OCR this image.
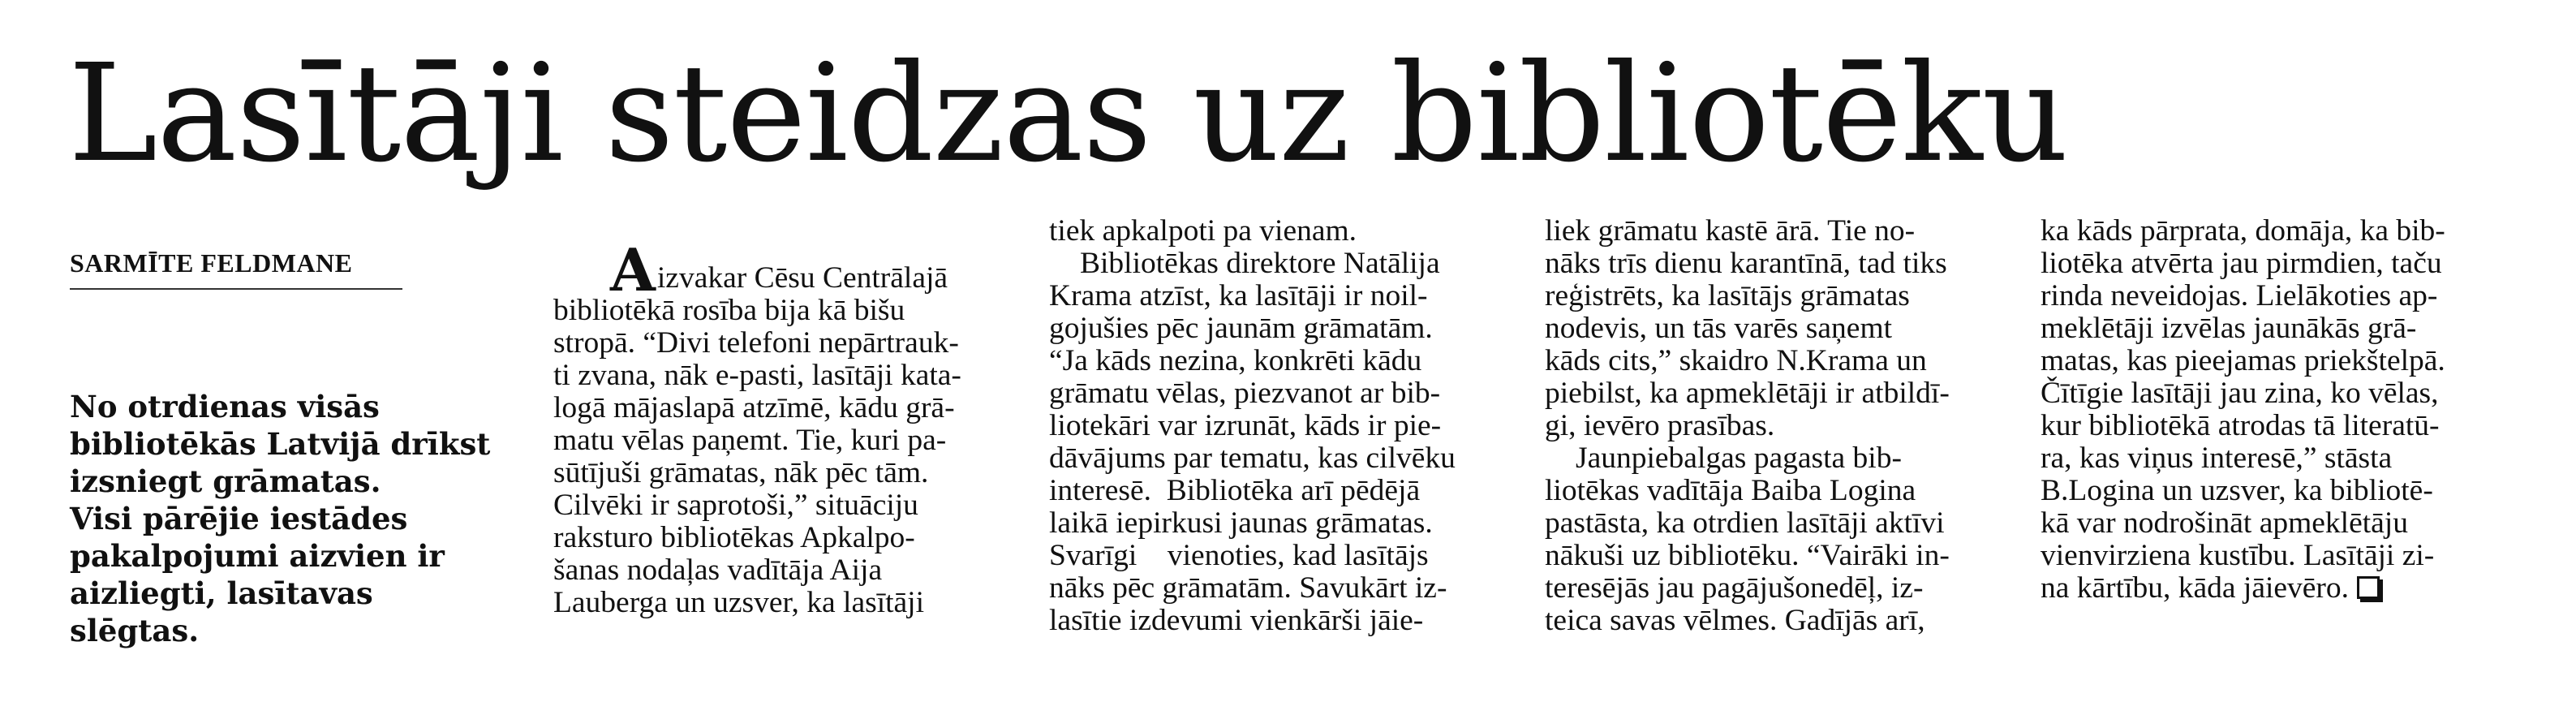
Lasītāji steidzas uz bibliotēku
SARMĪTE FELDMANE
No otrdienas visās
bibliotēkās Latvijā drīkst
izsniegt grāmatas.
Visi pārējie iestādes
pakalpojumi aizvien ir
aizliegti, lasītavas
slēgtas.
Aizvakar Cēsu Centrālajā
bibliotēkā rosība bija kā bišu
stropā. “Divi telefoni nepārtrauk-
ti zvana, nāk e-pasti, lasītāji kata-
logā mājaslapā atzīmē, kādu grā-
matu vēlas paņemt. Tie, kuri pa-
sūtījuši grāmatas, nāk pēc tām.
Cilvēki ir saprotoši,” situāciju
raksturo bibliotēkas Apkalpo-
šanas nodaļas vadītāja Aija
Lauberga un uzsver, ka lasītāji
tiek apkalpoti pa vienam.
Bibliotēkas direktore Natālija
Krama atzīst, ka lasītāji ir noil-
gojušies pēc jaunām grāmatām.
“Ja kāds nezina, konkrēti kādu
grāmatu vēlas, piezvanot ar bib-
liotekāri var izrunāt, kāds ir pie-
dāvājums par tematu, kas cilvēku
interesē.  Bibliotēka arī pēdējā
laikā iepirkusi jaunas grāmatas.
Svarīgi    vienoties, kad lasītājs
nāks pēc grāmatām. Savukārt iz-
lasītie izdevumi vienkārši jāie-
liek grāmatu kastē ārā. Tie no-
nāks trīs dienu karantīnā, tad tiks
reģistrēts, ka lasītājs grāmatas
nodevis, un tās varēs saņemt
kāds cits,” skaidro N.Krama un
piebilst, ka apmeklētāji ir atbildī-
gi, ievēro prasības.
Jaunpiebalgas pagasta bib-
liotēkas vadītāja Baiba Logina
pastāsta, ka otrdien lasītāji aktīvi
nākuši uz bibliotēku. “Vairāki in-
teresējās jau pagājušonedēļ, iz-
teica savas vēlmes. Gadījās arī,
ka kāds pārprata, domāja, ka bib-
liotēka atvērta jau pirmdien, taču
rinda neveidojas. Lielākoties ap-
meklētāji izvēlas jaunākās grā-
matas, kas pieejamas priekštelpā.
Čītīgie lasītāji jau zina, ko vēlas,
kur bibliotēkā atrodas tā literatū-
ra, kas viņus interesē,” stāsta
B.Logina un uzsver, ka bibliotē-
kā var nodrošināt apmeklētāju
vienvirziena kustību. Lasītāji zi-
na kārtību, kāda jāievēro.
